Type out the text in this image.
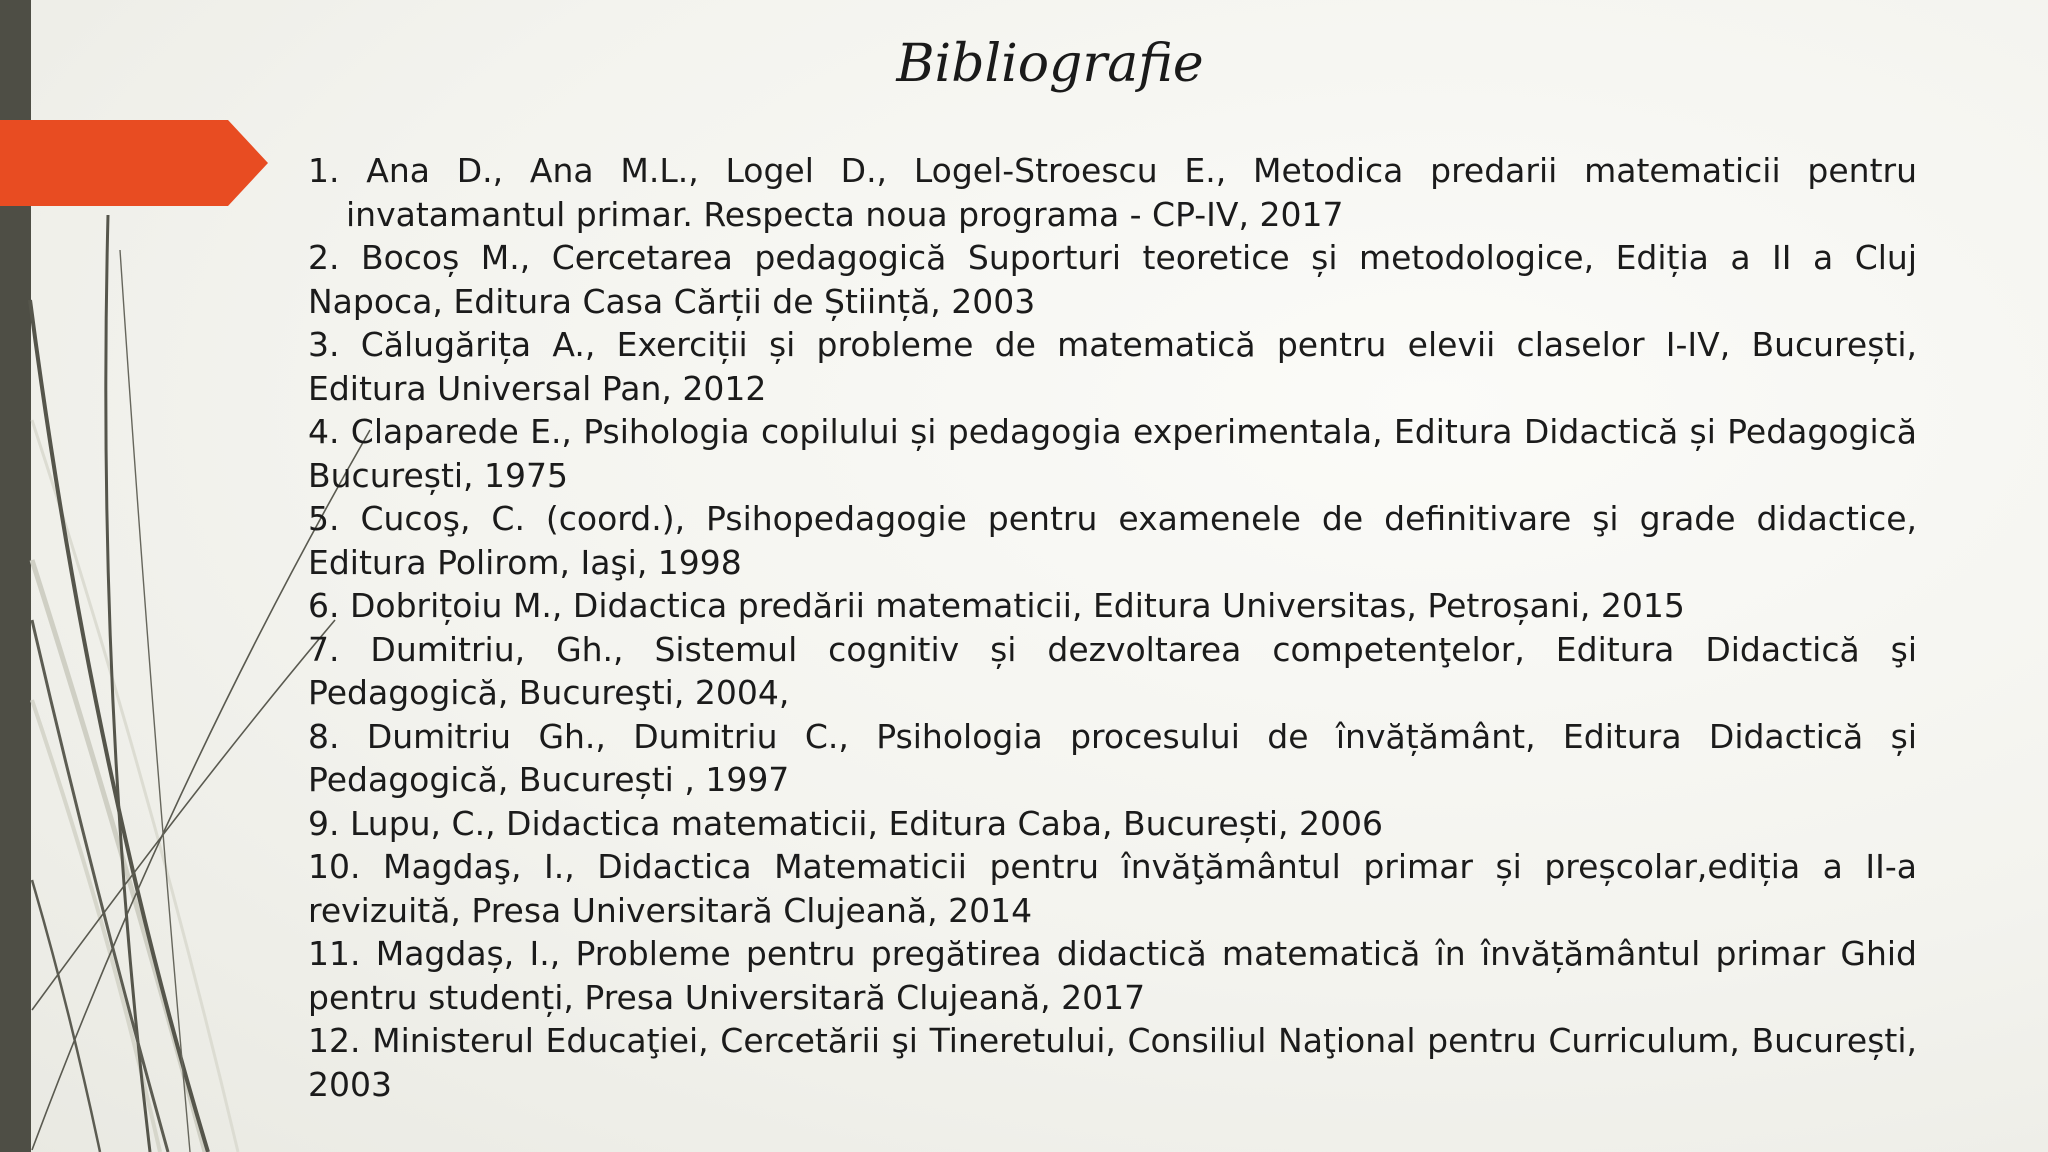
Bibliografie
1. Ana D., Ana M.L., Logel D., Logel-Stroescu E., Metodica predarii matematicii pentru invatamantul primar. Respecta noua programa - CP-IV, 2017
2. Bocoș M., Cercetarea pedagogică Suporturi teoretice și metodologice, Ediția a II a Cluj Napoca, Editura Casa Cărții de Știință, 2003
3. Călugărița A., Exerciții și probleme de matematică pentru elevii claselor I-IV, București, Editura Universal Pan, 2012
4. Claparede E., Psihologia copilului și pedagogia experimentala, Editura Didactică și Pedagogică București, 1975
5. Cucoş, C. (coord.), Psihopedagogie pentru examenele de definitivare şi grade didactice, Editura Polirom, Iaşi, 1998
6. Dobrițoiu M., Didactica predării matematicii, Editura Universitas, Petroșani, 2015
7. Dumitriu, Gh., Sistemul cognitiv și dezvoltarea competenţelor, Editura Didactică şi Pedagogică, Bucureşti, 2004,
8. Dumitriu Gh., Dumitriu C., Psihologia procesului de învățământ, Editura Didactică și Pedagogică, București , 1997
9. Lupu, C., Didactica matematicii, Editura Caba, București, 2006
10. Magdaş, I., Didactica Matematicii pentru învăţământul primar și preșcolar,ediția a II-a revizuită, Presa Universitară Clujeană, 2014
11. Magdaș, I., Probleme pentru pregătirea didactică matematică în învățământul primar Ghid pentru studenți, Presa Universitară Clujeană, 2017
12. Ministerul Educaţiei, Cercetării şi Tineretului, Consiliul Naţional pentru Curriculum, București, 2003
